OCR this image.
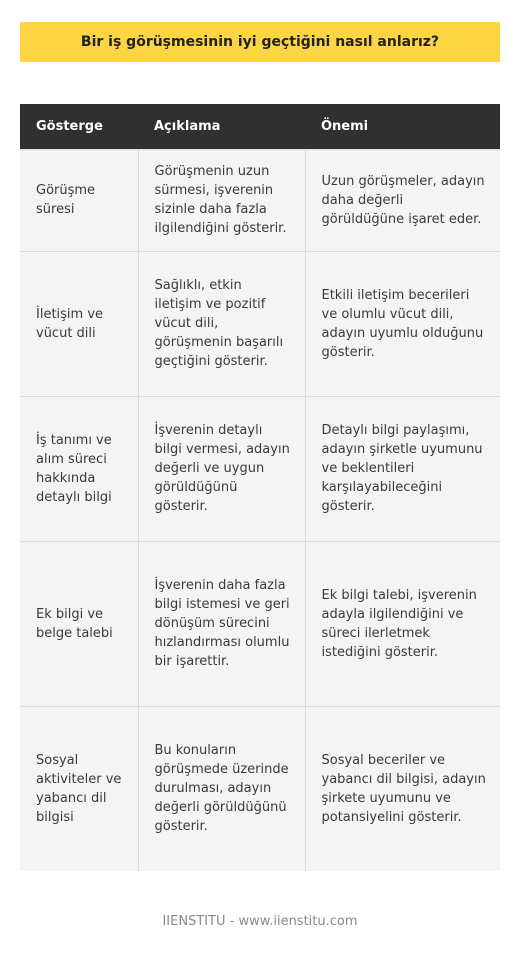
Bir iş görüşmesinin iyi geçtiğini nasıl anlarız?
Gösterge	Açıklama	Önemi
Görüşme süresi	Görüşmenin uzun sürmesi, işverenin sizinle daha fazla ilgilendiğini gösterir.	Uzun görüşmeler, adayın daha değerli görüldüğüne işaret eder.
İletişim ve vücut dili	Sağlıklı, etkin iletişim ve pozitif vücut dili, görüşmenin başarılı geçtiğini gösterir.	Etkili iletişim becerileri ve olumlu vücut dili, adayın uyumlu olduğunu gösterir.
İş tanımı ve alım süreci hakkında detaylı bilgi	İşverenin detaylı bilgi vermesi, adayın değerli ve uygun görüldüğünü gösterir.	Detaylı bilgi paylaşımı, adayın şirketle uyumunu ve beklentileri karşılayabileceğini gösterir.
Ek bilgi ve belge talebi	İşverenin daha fazla bilgi istemesi ve geri dönüşüm sürecini hızlandırması olumlu bir işarettir.	Ek bilgi talebi, işverenin adayla ilgilendiğini ve süreci ilerletmek istediğini gösterir.
Sosyal aktiviteler ve yabancı dil bilgisi	Bu konuların görüşmede üzerinde durulması, adayın değerli görüldüğünü gösterir.	Sosyal beceriler ve yabancı dil bilgisi, adayın şirkete uyumunu ve potansiyelini gösterir.
IIENSTITU - www.iienstitu.com
